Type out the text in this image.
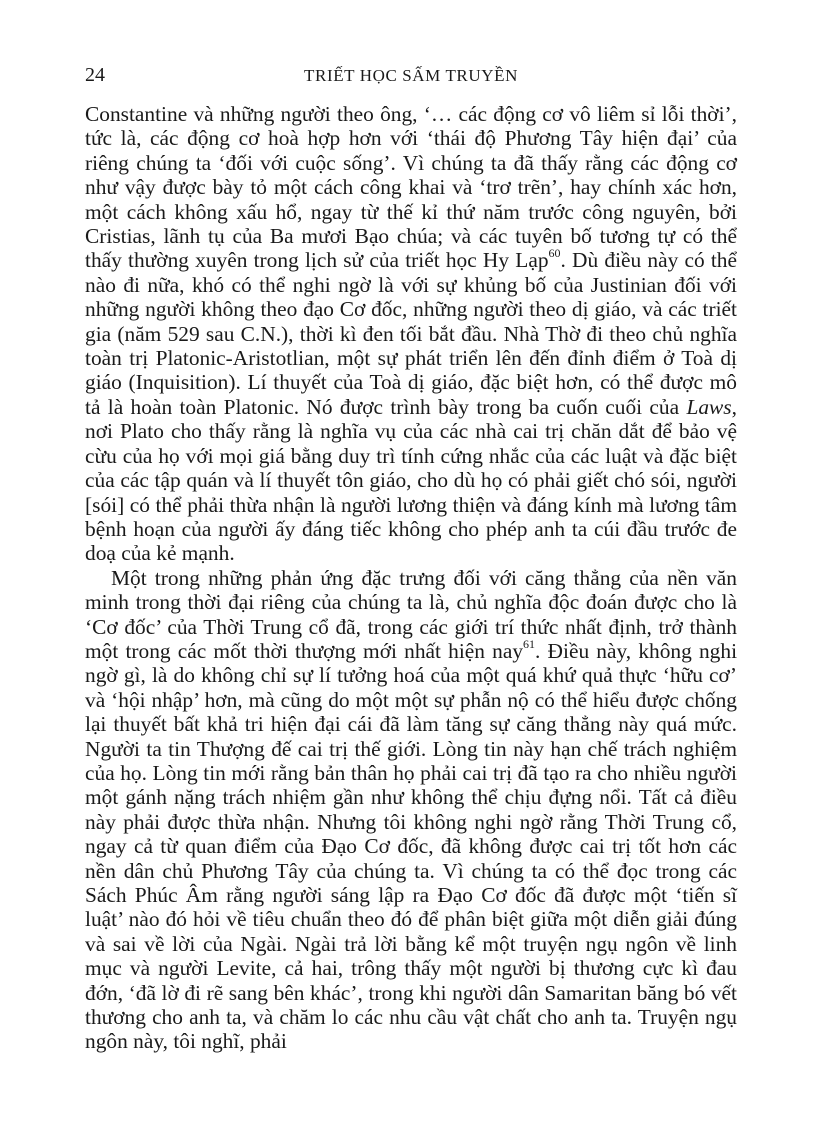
24	TRIẾT HỌC SẤM TRUYỀN

Constantine và những người theo ông, ‘… các động cơ vô liêm sỉ lỗi thời’, tức là, các động cơ hoà hợp hơn với ‘thái độ Phương Tây hiện đại’ của riêng chúng ta ‘đối với cuộc sống’. Vì chúng ta đã thấy rằng các động cơ như vậy được bày tỏ một cách công khai và ‘trơ trẽn’, hay chính xác hơn, một cách không xấu hổ, ngay từ thế kỉ thứ năm trước công nguyên, bởi Cristias, lãnh tụ của Ba mươi Bạo chúa; và các tuyên bố tương tự có thể thấy thường xuyên trong lịch sử của triết học Hy Lạp$^{60}$. Dù điều này có thể nào đi nữa, khó có thể nghi ngờ là với sự khủng bố của Justinian đối với những người không theo đạo Cơ đốc, những người theo dị giáo, và các triết gia (năm 529 sau C.N.), thời kì đen tối bắt đầu. Nhà Thờ đi theo chủ nghĩa toàn trị Platonic-Aristotlian, một sự phát triển lên đến đỉnh điểm ở Toà dị giáo (Inquisition). Lí thuyết của Toà dị giáo, đặc biệt hơn, có thể được mô tả là hoàn toàn Platonic. Nó được trình bày trong ba cuốn cuối của Laws, nơi Plato cho thấy rằng là nghĩa vụ của các nhà cai trị chăn dắt để bảo vệ cừu của họ với mọi giá bằng duy trì tính cứng nhắc của các luật và đặc biệt của các tập quán và lí thuyết tôn giáo, cho dù họ có phải giết chó sói, người [sói] có thể phải thừa nhận là người lương thiện và đáng kính mà lương tâm bệnh hoạn của người ấy đáng tiếc không cho phép anh ta cúi đầu trước đe doạ của kẻ mạnh.

Một trong những phản ứng đặc trưng đối với căng thẳng của nền văn minh trong thời đại riêng của chúng ta là, chủ nghĩa độc đoán được cho là ‘Cơ đốc’ của Thời Trung cổ đã, trong các giới trí thức nhất định, trở thành một trong các mốt thời thượng mới nhất hiện nay$^{61}$. Điều này, không nghi ngờ gì, là do không chỉ sự lí tưởng hoá của một quá khứ quả thực ‘hữu cơ’ và ‘hội nhập’ hơn, mà cũng do một một sự phẫn nộ có thể hiểu được chống lại thuyết bất khả tri hiện đại cái đã làm tăng sự căng thẳng này quá mức. Người ta tin Thượng đế cai trị thế giới. Lòng tin này hạn chế trách nghiệm của họ. Lòng tin mới rằng bản thân họ phải cai trị đã tạo ra cho nhiều người một gánh nặng trách nhiệm gần như không thể chịu đựng nổi. Tất cả điều này phải được thừa nhận. Nhưng tôi không nghi ngờ rằng Thời Trung cổ, ngay cả từ quan điểm của Đạo Cơ đốc, đã không được cai trị tốt hơn các nền dân chủ Phương Tây của chúng ta. Vì chúng ta có thể đọc trong các Sách Phúc Âm rằng người sáng lập ra Đạo Cơ đốc đã được một ‘tiến sĩ luật’ nào đó hỏi về tiêu chuẩn theo đó để phân biệt giữa một diễn giải đúng và sai về lời của Ngài. Ngài trả lời bằng kể một truyện ngụ ngôn về linh mục và người Levite, cả hai, trông thấy một người bị thương cực kì đau đớn, ‘đã lờ đi rẽ sang bên khác’, trong khi người dân Samaritan băng bó vết thương cho anh ta, và chăm lo các nhu cầu vật chất cho anh ta. Truyện ngụ ngôn này, tôi nghĩ, phải
